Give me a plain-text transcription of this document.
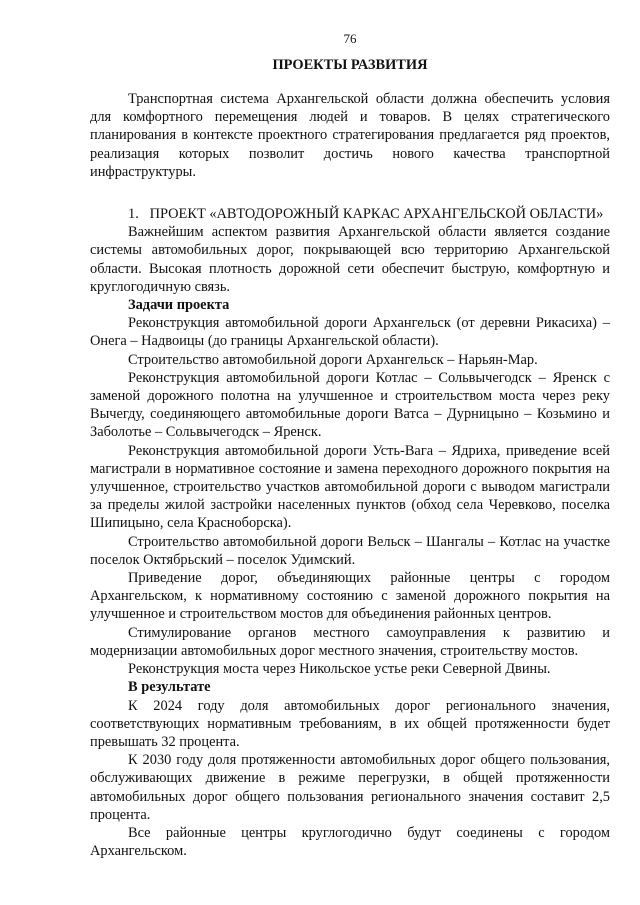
76
ПРОЕКТЫ РАЗВИТИЯ

Транспортная система Архангельской области должна обеспечить условия для комфортного перемещения людей и товаров. В целях стратегического планирования в контексте проектного стратегирования предлагается ряд проектов, реализация которых позволит достичь нового качества транспортной инфраструктуры.

1.   ПРОЕКТ «АВТОДОРОЖНЫЙ КАРКАС АРХАНГЕЛЬСКОЙ ОБЛАСТИ»

Важнейшим аспектом развития Архангельской области является создание системы автомобильных дорог, покрывающей всю территорию Архангельской области. Высокая плотность дорожной сети обеспечит быструю, комфортную и круглогодичную связь.

Задачи проекта

Реконструкция автомобильной дороги Архангельск (от деревни Рикасиха) – Онега – Надвоицы (до границы Архангельской области).

Строительство автомобильной дороги Архангельск – Нарьян-Мар.

Реконструкция автомобильной дороги Котлас – Сольвычегодск – Яренск с заменой дорожного полотна на улучшенное и строительством моста через реку Вычегду, соединяющего автомобильные дороги Ватса – Дурницыно – Козьмино и Заболотье – Сольвычегодск – Яренск.

Реконструкция автомобильной дороги Усть-Вага – Ядриха, приведение всей магистрали в нормативное состояние и замена переходного дорожного покрытия на улучшенное, строительство участков автомобильной дороги с выводом магистрали за пределы жилой застройки населенных пунктов (обход села Черевково, поселка Шипицыно, села Красноборска).

Строительство автомобильной дороги Вельск – Шангалы – Котлас на участке поселок Октябрьский – поселок Удимский.

Приведение дорог, объединяющих районные центры с городом Архангельском, к нормативному состоянию с заменой дорожного покрытия на улучшенное и строительством мостов для объединения районных центров.

Стимулирование органов местного самоуправления к развитию и модернизации автомобильных дорог местного значения, строительству мостов.

Реконструкция моста через Никольское устье реки Северной Двины.

В результате

К 2024 году доля автомобильных дорог регионального значения, соответствующих нормативным требованиям, в их общей протяженности будет превышать 32 процента.

К 2030 году доля протяженности автомобильных дорог общего пользования, обслуживающих движение в режиме перегрузки, в общей протяженности автомобильных дорог общего пользования регионального значения составит 2,5 процента.

Все районные центры круглогодично будут соединены с городом Архангельском.
